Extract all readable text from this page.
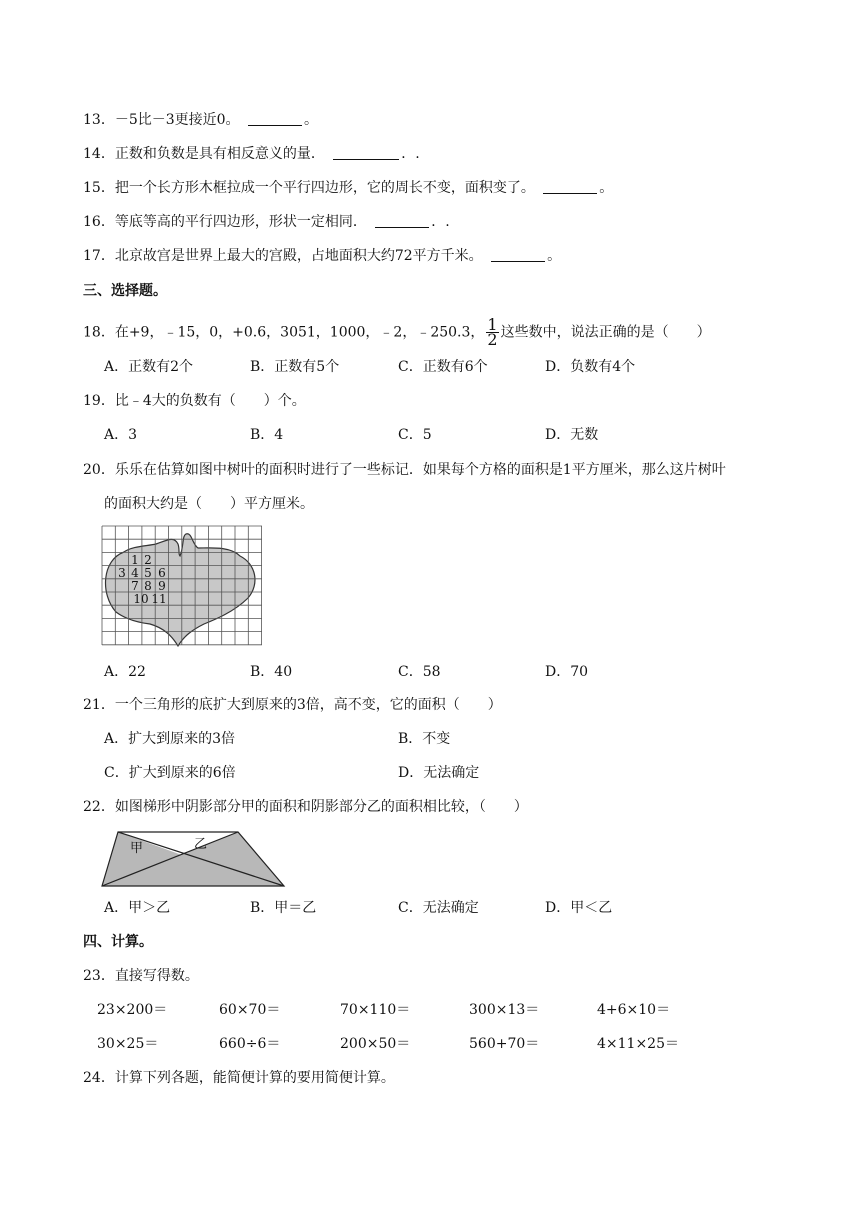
13．－5比－3更接近0。	。
14．正数和负数是具有相反意义的量．	．.
15．把一个长方形木框拉成一个平行四边形，它的周长不变，面积变了。	。
16．等底等高的平行四边形，形状一定相同．	．.
17．北京故宫是世界上最大的宫殿，占地面积大约72平方千米。	。
三、选择题。
18．在+9，﹣15，0，+0.6，3051，1000，﹣2，﹣250.3， $\frac{1}{2}$ 这些数中，说法正确的是（　　）
A．正数有2个	B．正数有5个	C．正数有6个	D．负数有4个
19．比﹣4大的负数有（　　）个。
A．3	B．4	C．5	D．无数
20．乐乐在估算如图中树叶的面积时进行了一些标记．如果每个方格的面积是1平方厘米，那么这片树叶
的面积大约是（　　）平方厘米。
1 2
3 4 5 6
7 8 9
10 11
A．22	B．40	C．58	D．70
21．一个三角形的底扩大到原来的3倍，高不变，它的面积（　　）
A．扩大到原来的3倍	B．不变
C．扩大到原来的6倍	D．无法确定
22．如图梯形中阴影部分甲的面积和阴影部分乙的面积相比较，（　　）
甲	乙
A．甲＞乙	B．甲＝乙	C．无法确定	D．甲＜乙
四、计算。
23．直接写得数。
23×200＝	60×70＝	70×110＝	300×13＝	4+6×10＝
30×25＝	660÷6＝	200×50＝	560+70＝	4×11×25＝
24．计算下列各题，能简便计算的要用简便计算。
